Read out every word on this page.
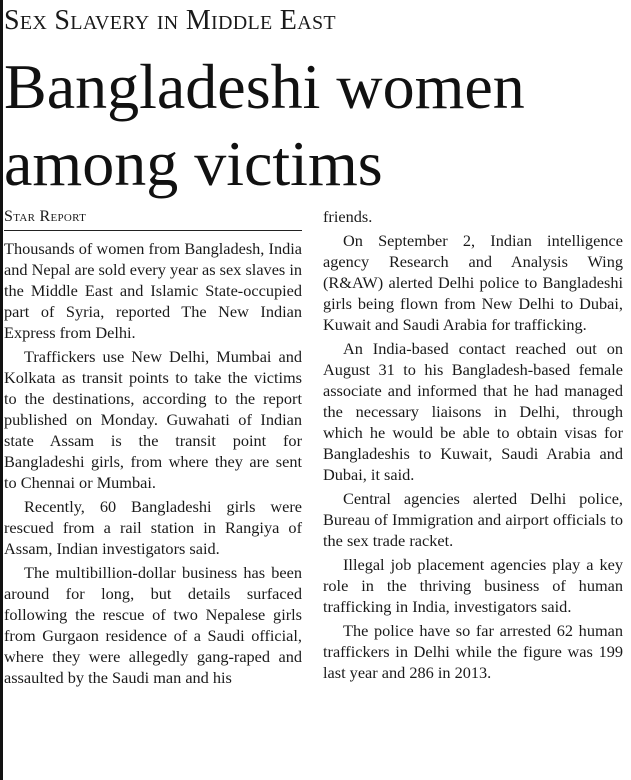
Sex Slavery in Middle East
Bangladeshi women among victims
Star Report

Thousands of women from Bangladesh, India and Nepal are sold every year as sex slaves in the Middle East and Islamic State-occupied part of Syria, reported The New Indian Express from Delhi.

Traffickers use New Delhi, Mumbai and Kolkata as transit points to take the victims to the destinations, according to the report published on Monday. Guwahati of Indian state Assam is the transit point for Bangladeshi girls, from where they are sent to Chennai or Mumbai.

Recently, 60 Bangladeshi girls were rescued from a rail station in Rangiya of Assam, Indian investigators said.

The multibillion-dollar business has been around for long, but details surfaced following the rescue of two Nepalese girls from Gurgaon residence of a Saudi official, where they were allegedly gang-raped and assaulted by the Saudi man and his

friends.

On September 2, Indian intelligence agency Research and Analysis Wing (R&AW) alerted Delhi police to Bangladeshi girls being flown from New Delhi to Dubai, Kuwait and Saudi Arabia for trafficking.

An India-based contact reached out on August 31 to his Bangladesh-based female associate and informed that he had managed the necessary liaisons in Delhi, through which he would be able to obtain visas for Bangladeshis to Kuwait, Saudi Arabia and Dubai, it said.

Central agencies alerted Delhi police, Bureau of Immigration and airport officials to the sex trade racket.

Illegal job placement agencies play a key role in the thriving business of human trafficking in India, investigators said.

The police have so far arrested 62 human traffickers in Delhi while the figure was 199 last year and 286 in 2013.
